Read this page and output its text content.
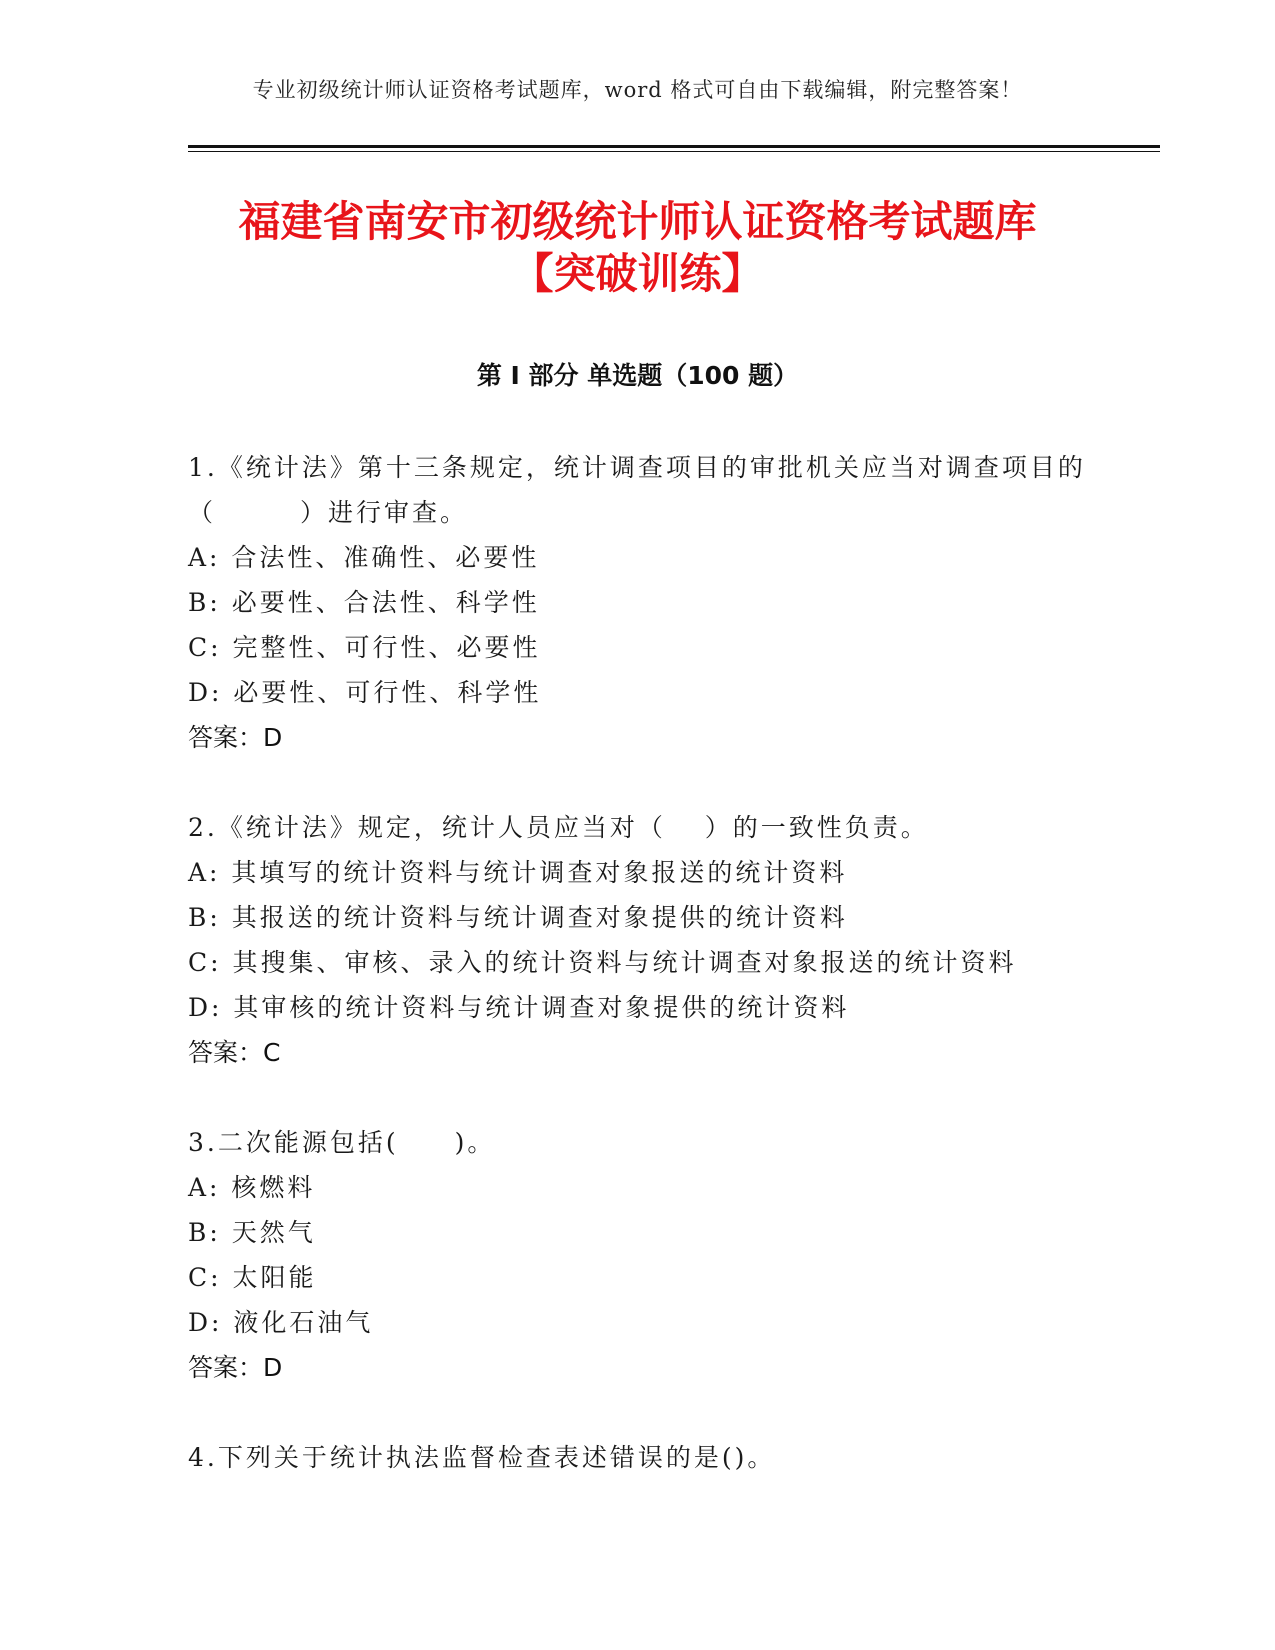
专业初级统计师认证资格考试题库，word 格式可自由下载编辑，附完整答案！
福建省南安市初级统计师认证资格考试题库
【突破训练】
第 I 部分 单选题（100 题）
1.《统计法》第十三条规定，统计调查项目的审批机关应当对调查项目的（　　　）进行审查。
A: 合法性、准确性、必要性
B: 必要性、合法性、科学性
C: 完整性、可行性、必要性
D: 必要性、可行性、科学性
答案：D
2.《统计法》规定，统计人员应当对（　 ）的一致性负责。
A: 其填写的统计资料与统计调查对象报送的统计资料
B: 其报送的统计资料与统计调查对象提供的统计资料
C: 其搜集、审核、录入的统计资料与统计调查对象报送的统计资料
D: 其审核的统计资料与统计调查对象提供的统计资料
答案：C
3.二次能源包括(　　)。
A: 核燃料
B: 天然气
C: 太阳能
D: 液化石油气
答案：D
4.下列关于统计执法监督检查表述错误的是()。
